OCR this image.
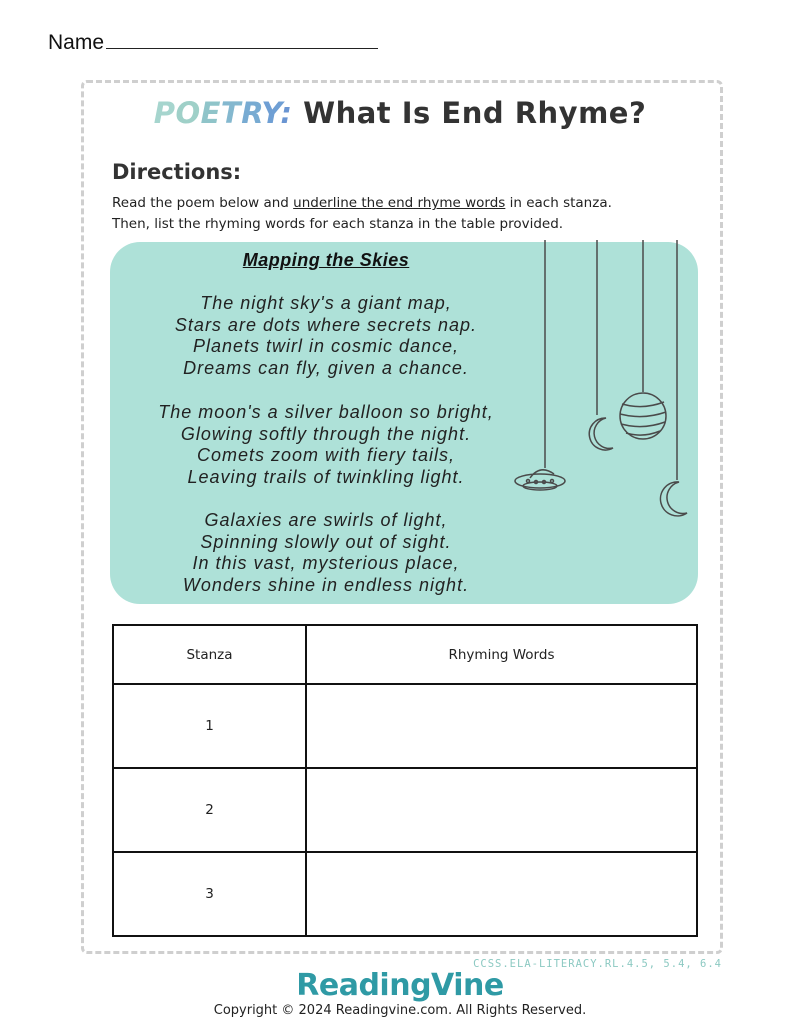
Name
POETRY: What Is End Rhyme?
Directions:
Read the poem below and underline the end rhyme words in each stanza.
Then, list the rhyming words for each stanza in the table provided.
Mapping the Skies
The night sky's a giant map,
Stars are dots where secrets nap.
Planets twirl in cosmic dance,
Dreams can fly, given a chance.
The moon's a silver balloon so bright,
Glowing softly through the night.
Comets zoom with fiery tails,
Leaving trails of twinkling light.
Galaxies are swirls of light,
Spinning slowly out of sight.
In this vast, mysterious place,
Wonders shine in endless night.
Stanza	Rhyming Words
1	
2	
3	
CCSS.ELA-LITERACY.RL.4.5, 5.4, 6.4
ReadingVine
Copyright © 2024 Readingvine.com. All Rights Reserved.
